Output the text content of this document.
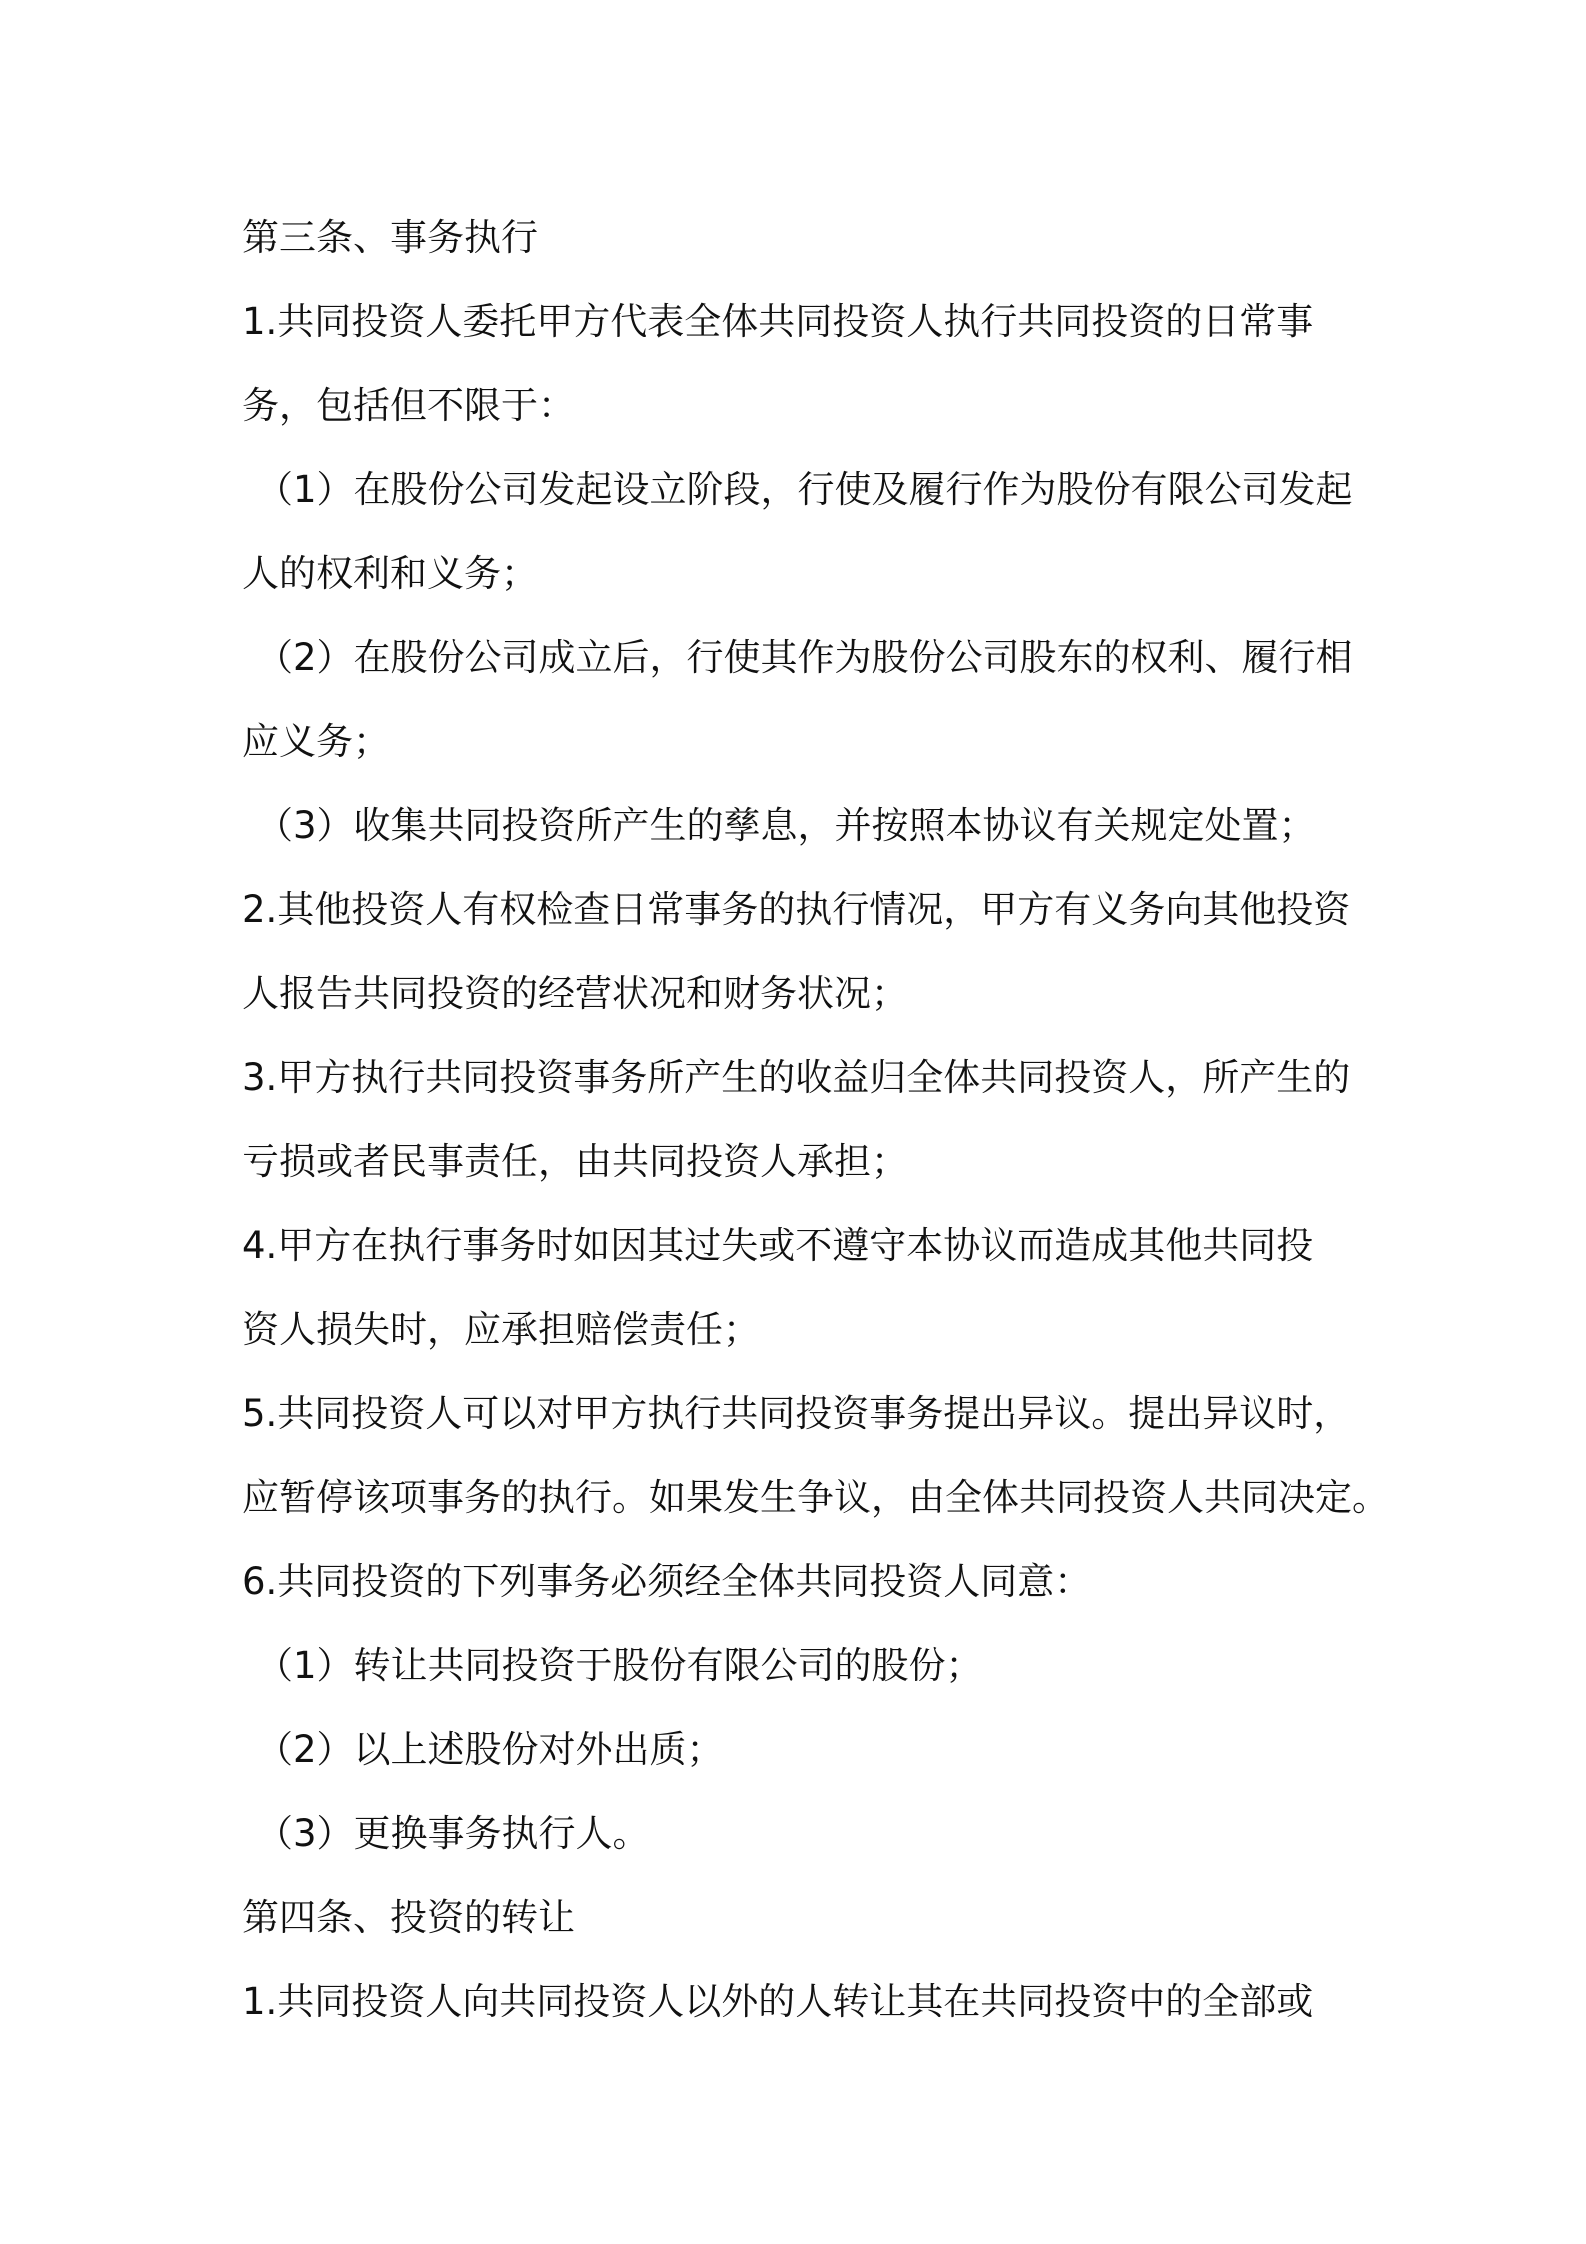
第三条、事务执行
1.共同投资人委托甲方代表全体共同投资人执行共同投资的日常事
务，包括但不限于：
（1）在股份公司发起设立阶段，行使及履行作为股份有限公司发起
人的权利和义务；
（2）在股份公司成立后，行使其作为股份公司股东的权利、履行相
应义务；
（3）收集共同投资所产生的孳息，并按照本协议有关规定处置；
2.其他投资人有权检查日常事务的执行情况，甲方有义务向其他投资
人报告共同投资的经营状况和财务状况；
3.甲方执行共同投资事务所产生的收益归全体共同投资人，所产生的
亏损或者民事责任，由共同投资人承担；
4.甲方在执行事务时如因其过失或不遵守本协议而造成其他共同投
资人损失时，应承担赔偿责任；
5.共同投资人可以对甲方执行共同投资事务提出异议。提出异议时，
应暂停该项事务的执行。如果发生争议，由全体共同投资人共同决定。
6.共同投资的下列事务必须经全体共同投资人同意：
（1）转让共同投资于股份有限公司的股份；
（2）以上述股份对外出质；
（3）更换事务执行人。
第四条、投资的转让
1.共同投资人向共同投资人以外的人转让其在共同投资中的全部或
